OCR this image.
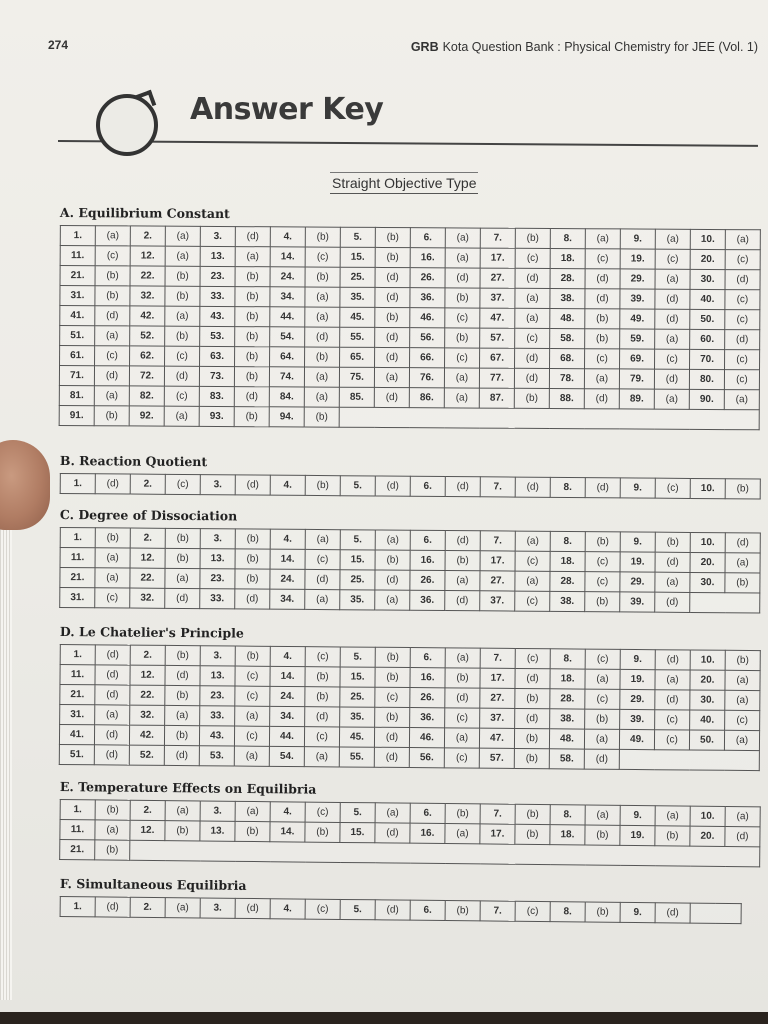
274	GRB Kota Question Bank : Physical Chemistry for JEE (Vol. 1)
Answer Key
Straight Objective Type
A. Equilibrium Constant
1.	(a)	2.	(a)	3.	(d)	4.	(b)	5.	(b)	6.	(a)	7.	(b)	8.	(a)	9.	(a)	10.	(a)
11.	(c)	12.	(a)	13.	(a)	14.	(c)	15.	(b)	16.	(a)	17.	(c)	18.	(c)	19.	(c)	20.	(c)
21.	(b)	22.	(b)	23.	(b)	24.	(b)	25.	(d)	26.	(d)	27.	(d)	28.	(d)	29.	(a)	30.	(d)
31.	(b)	32.	(b)	33.	(b)	34.	(a)	35.	(d)	36.	(b)	37.	(a)	38.	(d)	39.	(d)	40.	(c)
41.	(d)	42.	(a)	43.	(b)	44.	(a)	45.	(b)	46.	(c)	47.	(a)	48.	(b)	49.	(d)	50.	(c)
51.	(a)	52.	(b)	53.	(b)	54.	(d)	55.	(d)	56.	(b)	57.	(c)	58.	(b)	59.	(a)	60.	(d)
61.	(c)	62.	(c)	63.	(b)	64.	(b)	65.	(d)	66.	(c)	67.	(d)	68.	(c)	69.	(c)	70.	(c)
71.	(d)	72.	(d)	73.	(b)	74.	(a)	75.	(a)	76.	(a)	77.	(d)	78.	(a)	79.	(d)	80.	(c)
81.	(a)	82.	(c)	83.	(d)	84.	(a)	85.	(d)	86.	(a)	87.	(b)	88.	(d)	89.	(a)	90.	(a)
91.	(b)	92.	(a)	93.	(b)	94.	(b)												
B. Reaction Quotient
1.	(d)	2.	(c)	3.	(d)	4.	(b)	5.	(d)	6.	(d)	7.	(d)	8.	(d)	9.	(c)	10.	(b)
C. Degree of Dissociation
1.	(b)	2.	(b)	3.	(b)	4.	(a)	5.	(a)	6.	(d)	7.	(a)	8.	(b)	9.	(b)	10.	(d)
11.	(a)	12.	(b)	13.	(b)	14.	(c)	15.	(b)	16.	(b)	17.	(c)	18.	(c)	19.	(d)	20.	(a)
21.	(a)	22.	(a)	23.	(b)	24.	(d)	25.	(d)	26.	(a)	27.	(a)	28.	(c)	29.	(a)	30.	(b)
31.	(c)	32.	(d)	33.	(d)	34.	(a)	35.	(a)	36.	(d)	37.	(c)	38.	(b)	39.	(d)		
D. Le Chatelier's Principle
1.	(d)	2.	(b)	3.	(b)	4.	(c)	5.	(b)	6.	(a)	7.	(c)	8.	(c)	9.	(d)	10.	(b)
11.	(d)	12.	(d)	13.	(c)	14.	(b)	15.	(b)	16.	(b)	17.	(d)	18.	(a)	19.	(a)	20.	(a)
21.	(d)	22.	(b)	23.	(c)	24.	(b)	25.	(c)	26.	(d)	27.	(b)	28.	(c)	29.	(d)	30.	(a)
31.	(a)	32.	(a)	33.	(a)	34.	(d)	35.	(b)	36.	(c)	37.	(d)	38.	(b)	39.	(c)	40.	(c)
41.	(d)	42.	(b)	43.	(c)	44.	(c)	45.	(d)	46.	(a)	47.	(b)	48.	(a)	49.	(c)	50.	(a)
51.	(d)	52.	(d)	53.	(a)	54.	(a)	55.	(d)	56.	(c)	57.	(b)	58.	(d)				
E. Temperature Effects on Equilibria
1.	(b)	2.	(a)	3.	(a)	4.	(c)	5.	(a)	6.	(b)	7.	(b)	8.	(a)	9.	(a)	10.	(a)
11.	(a)	12.	(b)	13.	(b)	14.	(b)	15.	(d)	16.	(a)	17.	(b)	18.	(b)	19.	(b)	20.	(d)
21.	(b)																		
F. Simultaneous Equilibria
1.	(d)	2.	(a)	3.	(d)	4.	(c)	5.	(d)	6.	(b)	7.	(c)	8.	(b)	9.	(d)	
